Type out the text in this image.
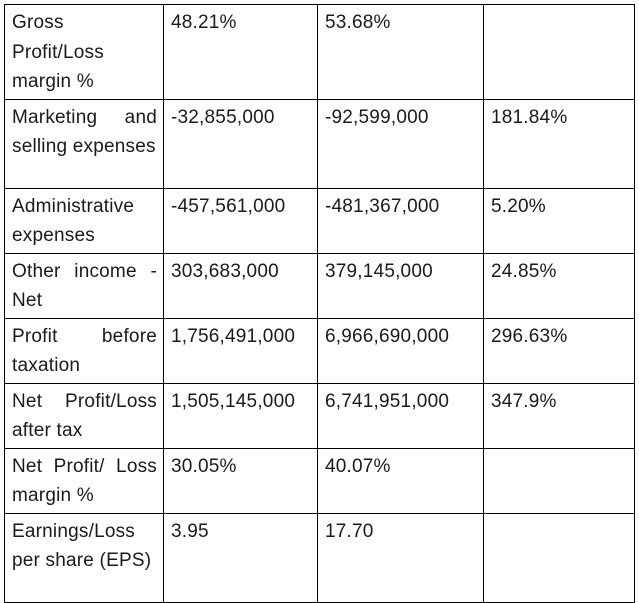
Gross Profit/Loss margin %	48.21%	53.68%	
Marketing and selling expenses	-32,855,000	-92,599,000	181.84%
Administrative expenses	-457,561,000	-481,367,000	5.20%
Other income - Net	303,683,000	379,145,000	24.85%
Profit before taxation	1,756,491,000	6,966,690,000	296.63%
Net Profit/Loss after tax	1,505,145,000	6,741,951,000	347.9%
Net Profit/ Loss margin %	30.05%	40.07%	
Earnings/Loss per share (EPS)	3.95	17.70	
